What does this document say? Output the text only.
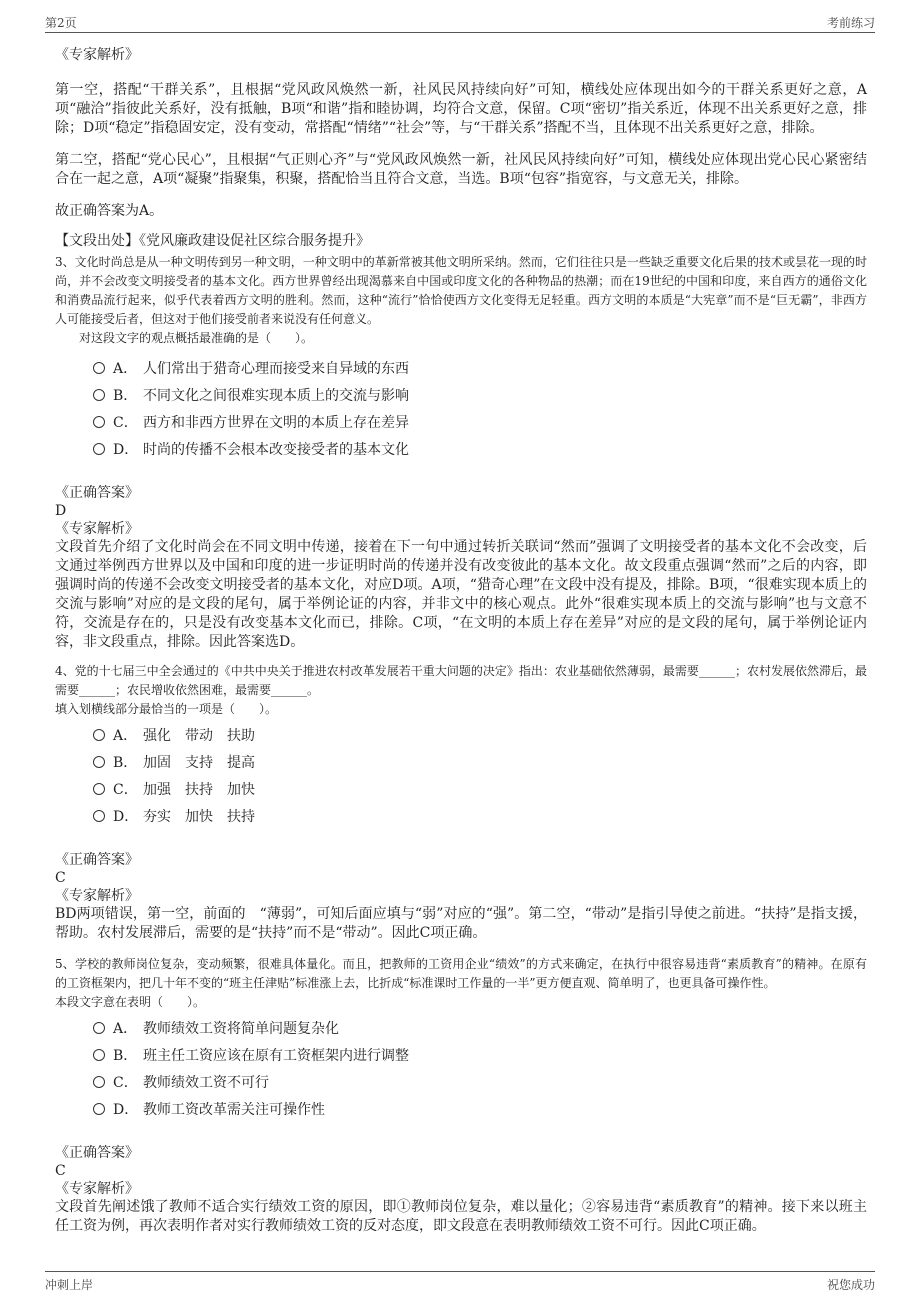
第2页	考前练习

《专家解析》

第一空，搭配“干群关系”，且根据“党风政风焕然一新，社风民风持续向好”可知，横线处应体现出如今的干群关系更好之意，A项“融洽”指彼此关系好，没有抵触，B项“和谐”指和睦协调，均符合文意，保留。C项“密切”指关系近，体现不出关系更好之意，排除；D项“稳定”指稳固安定，没有变动，常搭配“情绪”“社会”等，与“干群关系”搭配不当，且体现不出关系更好之意，排除。

第二空，搭配“党心民心”，且根据“气正则心齐”与“党风政风焕然一新，社风民风持续向好”可知，横线处应体现出党心民心紧密结合在一起之意，A项“凝聚”指聚集，积聚，搭配恰当且符合文意，当选。B项“包容”指宽容，与文意无关，排除。

故正确答案为A。

【文段出处】《党风廉政建设促社区综合服务提升》

3、文化时尚总是从一种文明传到另一种文明，一种文明中的革新常被其他文明所采纳。然而，它们往往只是一些缺乏重要文化后果的技术或昙花一现的时尚，并不会改变文明接受者的基本文化。西方世界曾经出现渴慕来自中国或印度文化的各种物品的热潮；而在19世纪的中国和印度，来自西方的通俗文化和消费品流行起来，似乎代表着西方文明的胜利。然而，这种“流行”恰恰使西方文化变得无足轻重。西方文明的本质是“大宪章”而不是“巨无霸”，非西方人可能接受后者，但这对于他们接受前者来说没有任何意义。

对这段文字的观点概括最准确的是（　　）。

A． 人们常出于猎奇心理而接受来自异域的东西
B． 不同文化之间很难实现本质上的交流与影响
C． 西方和非西方世界在文明的本质上存在差异
D． 时尚的传播不会根本改变接受者的基本文化

《正确答案》

D

《专家解析》

文段首先介绍了文化时尚会在不同文明中传递，接着在下一句中通过转折关联词“然而”强调了文明接受者的基本文化不会改变，后文通过举例西方世界以及中国和印度的进一步证明时尚的传递并没有改变彼此的基本文化。故文段重点强调“然而”之后的内容，即强调时尚的传递不会改变文明接受者的基本文化，对应D项。A项，“猎奇心理”在文段中没有提及，排除。B项，“很难实现本质上的交流与影响”对应的是文段的尾句，属于举例论证的内容，并非文中的核心观点。此外“很难实现本质上的交流与影响”也与文意不符，交流是存在的，只是没有改变基本文化而已，排除。C项，“在文明的本质上存在差异”对应的是文段的尾句，属于举例论证内容，非文段重点，排除。因此答案选D。

4、党的十七届三中全会通过的《中共中央关于推进农村改革发展若干重大问题的决定》指出：农业基础依然薄弱，最需要______；农村发展依然滞后，最需要______；农民增收依然困难，最需要______。

填入划横线部分最恰当的一项是（　　）。

A． 强化　带动　扶助
B． 加固　支持　提高
C． 加强　扶持　加快
D． 夯实　加快　扶持

《正确答案》

C

《专家解析》

BD两项错误，第一空，前面的　“薄弱”，可知后面应填与“弱”对应的“强”。第二空，“带动”是指引导使之前进。“扶持”是指支援，帮助。农村发展滞后，需要的是“扶持”而不是“带动”。因此C项正确。

5、学校的教师岗位复杂，变动频繁，很难具体量化。而且，把教师的工资用企业“绩效”的方式来确定，在执行中很容易违背“素质教育”的精神。在原有的工资框架内，把几十年不变的“班主任津贴”标准涨上去，比折成“标准课时工作量的一半”更方便直观、简单明了，也更具备可操作性。

本段文字意在表明（　　）。

A． 教师绩效工资将简单问题复杂化
B． 班主任工资应该在原有工资框架内进行调整
C． 教师绩效工资不可行
D． 教师工资改革需关注可操作性

《正确答案》

C

《专家解析》

文段首先阐述饿了教师不适合实行绩效工资的原因，即①教师岗位复杂，难以量化；②容易违背“素质教育”的精神。接下来以班主任工资为例，再次表明作者对实行教师绩效工资的反对态度，即文段意在表明教师绩效工资不可行。因此C项正确。

冲刺上岸	祝您成功
